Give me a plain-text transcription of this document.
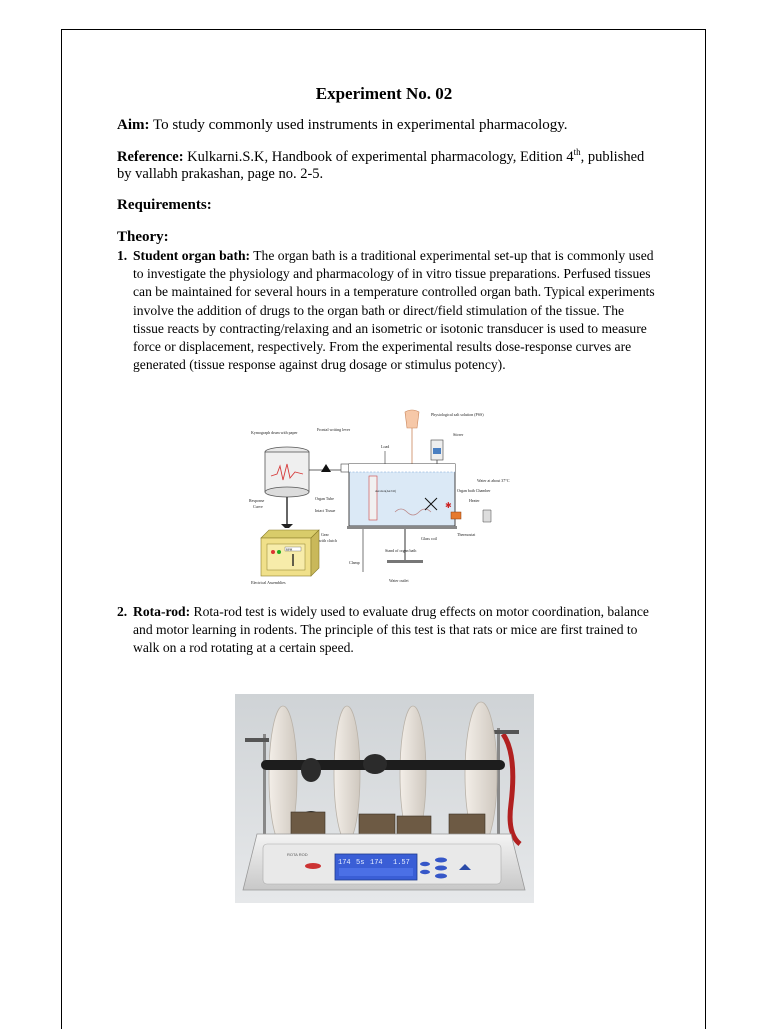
Experiment No. 02
Aim: To study commonly used instruments in experimental pharmacology.
Reference: Kulkarni.S.K, Handbook of experimental pharmacology, Edition 4th, published
by vallabh prakashan, page no. 2-5.
Requirements:
Theory:
1. Student organ bath: The organ bath is a traditional experimental set-up that is commonly used to investigate the physiology and pharmacology of in vitro tissue preparations. Perfused tissues can be maintained for several hours in a temperature controlled organ bath. Typical experiments involve the addition of drugs to the organ bath or direct/field stimulation of the tissue. The tissue reacts by contracting/relaxing and an isometric or isotonic transducer is used to measure force or displacement, respectively. From the experimental results dose-response curves are generated (tissue response against drug dosage or stimulus potency).
RPM
✱
Kymograph drum with paper
Frontal writing lever
Physiological salt solution (PSS)
Stirrer
Load
Water at about 37°C
Organ bath Chamber
Heater
Thermostat
Response
Curve
Organ Tube
Intact Tissue
Aeration(Air/O2)
Gear
with clutch
Electrical Assemblies
Glass coil
Stand of organ bath
Clamp
Water outlet
2. Rota-rod: Rota-rod test is widely used to evaluate drug effects on motor coordination, balance and motor learning in rodents. The principle of this test is that rats or mice are first trained to walk on a rod rotating at a certain speed.
ROTA ROD
174 5s 174 1.57
